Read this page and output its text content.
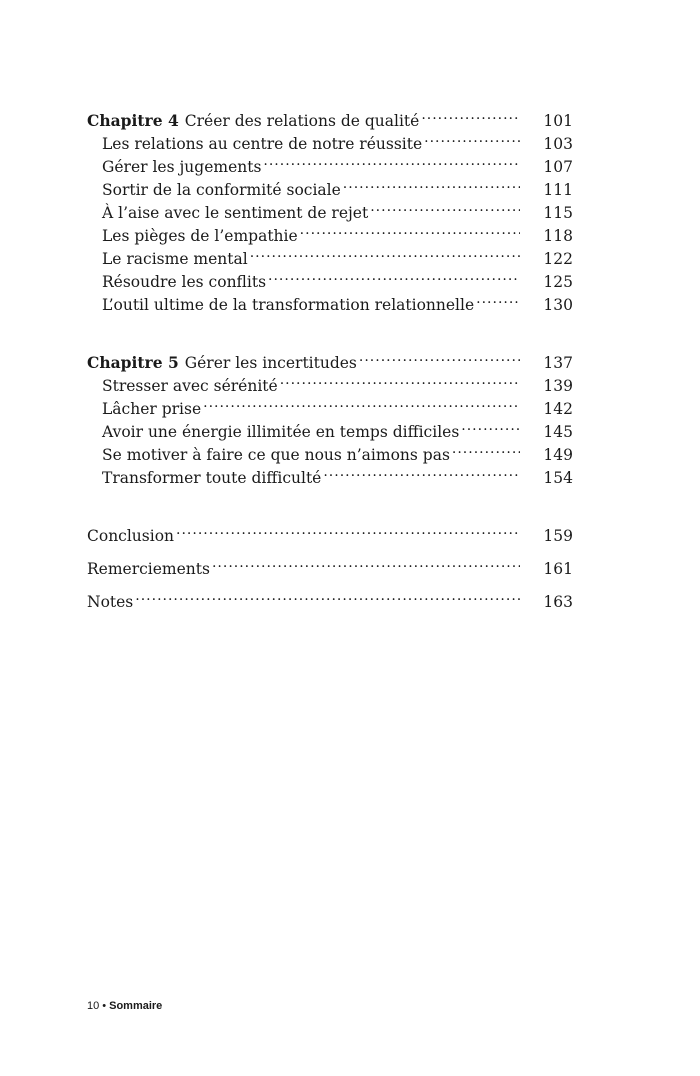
Chapitre 4 Créer des relations de qualité .....	101
Les relations au centre de notre réussite .....	103
Gérer les jugements .....	107
Sortir de la conformité sociale .....	111
À l’aise avec le sentiment de rejet .....	115
Les pièges de l’empathie .....	118
Le racisme mental .....	122
Résoudre les conflits .....	125
L’outil ultime de la transformation relationnelle .....	130
Chapitre 5 Gérer les incertitudes .....	137
Stresser avec sérénité .....	139
Lâcher prise .....	142
Avoir une énergie illimitée en temps difficiles .....	145
Se motiver à faire ce que nous n’aimons pas .....	149
Transformer toute difficulté .....	154
Conclusion .....	159
Remerciements .....	161
Notes .....	163
10 • Sommaire
